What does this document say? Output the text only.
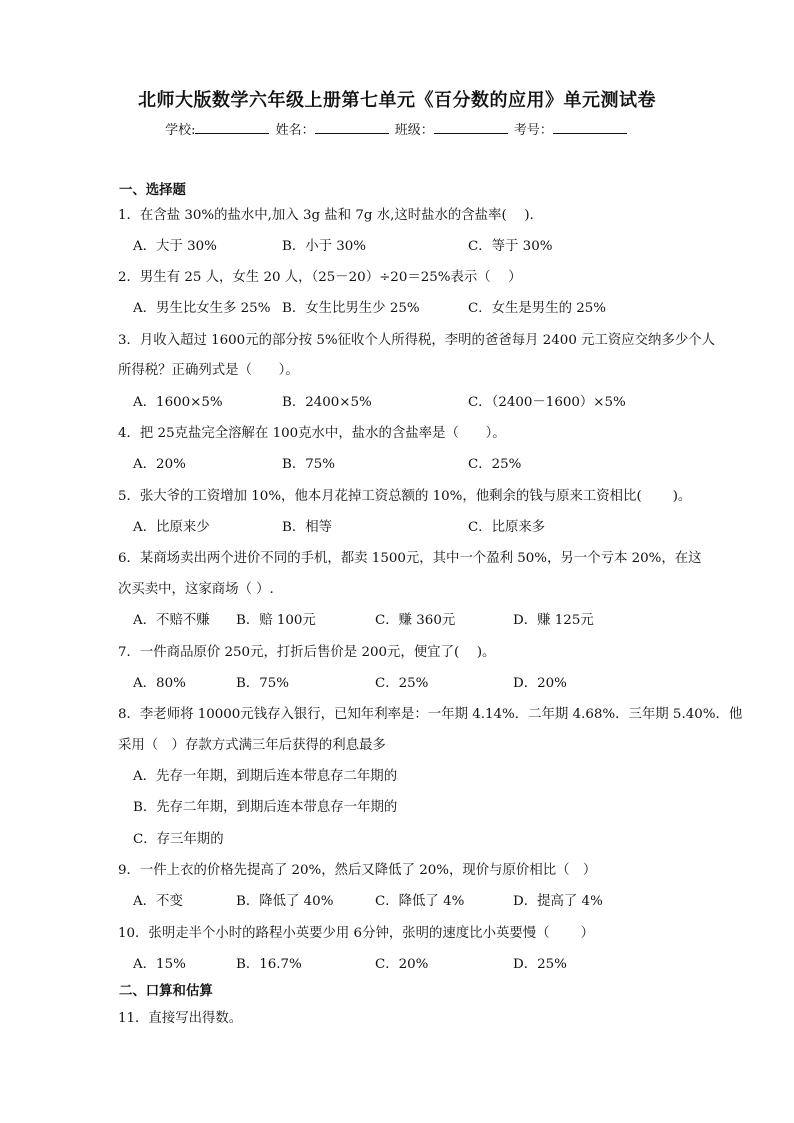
北师大版数学六年级上册第七单元《百分数的应用》单元测试卷
学校:	姓名：	班级：	考号：
一、选择题
1．在含盐 30%的盐水中,加入 3g 盐和 7g 水,这时盐水的含盐率(　 ).
A．大于 30%	B．小于 30%	C．等于 30%
2．男生有 25 人，女生 20 人，（25－20）÷20＝25%表示（　 ）
A．男生比女生多 25% B．女生比男生少 25%	C．女生是男生的 25%
3．月收入超过 1600元的部分按 5%征收个人所得税，李明的爸爸每月 2400 元工资应交纳多少个人
所得税？正确列式是（　　）。
A．1600×5%	B．2400×5%	C．（2400－1600）×5%
4．把 25克盐完全溶解在 100克水中，盐水的含盐率是（　　）。
A．20%	B．75%	C．25%
5．张大爷的工资增加 10%，他本月花掉工资总额的 10%，他剩余的钱与原来工资相比(　　 )。
A．比原来少	B．相等	C．比原来多
6．某商场卖出两个进价不同的手机，都卖 1500元，其中一个盈利 50%，另一个亏本 20%，在这
次买卖中，这家商场（ ）.
A．不赔不赚 B．赔 100元	C．赚 360元	D．赚 125元
7．一件商品原价 250元，打折后售价是 200元，便宜了(　 )。
A．80%	B．75%	C．25%	D．20%
8．李老师将 10000元钱存入银行，已知年利率是：一年期 4.14%．二年期 4.68%．三年期 5.40%．他
采用（　）存款方式满三年后获得的利息最多
A．先存一年期，到期后连本带息存二年期的
B．先存二年期，到期后连本带息存一年期的
C．存三年期的
9．一件上衣的价格先提高了 20%，然后又降低了 20%，现价与原价相比（　）
A．不变	B．降低了 40%	C．降低了 4%	D．提高了 4%
10．张明走半个小时的路程小英要少用 6分钟，张明的速度比小英要慢（　　 ）
A．15%	B．16.7%	C．20%	D．25%
二、口算和估算
11．直接写出得数。
